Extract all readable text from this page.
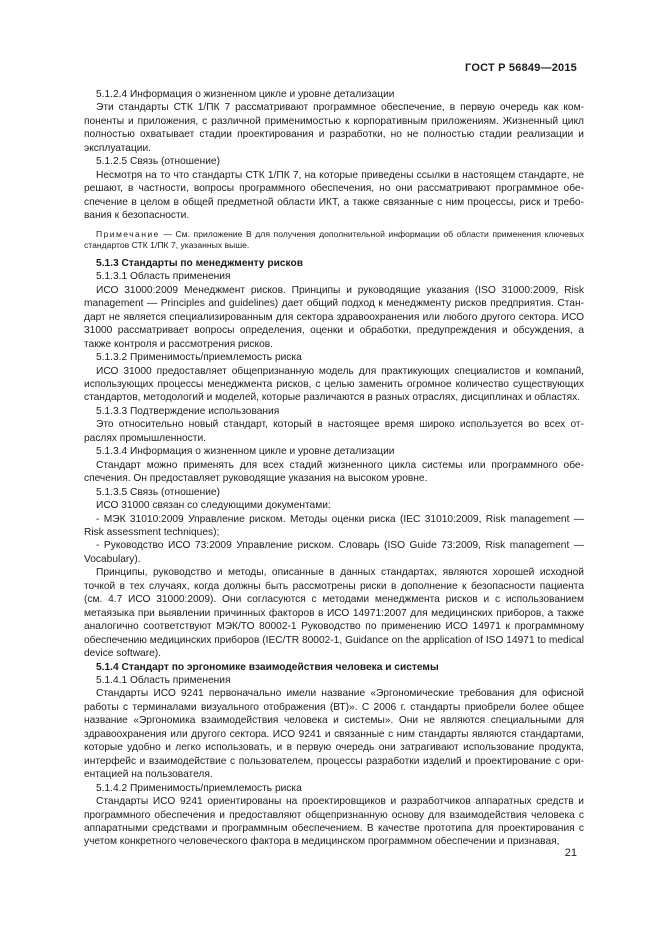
ГОСТ Р 56849—2015

5.1.2.4 Информация о жизненном цикле и уровне детализации

Эти стандарты СТК 1/ПК 7 рассматривают программное обеспечение, в первую очередь как компоненты и приложения, с различной применимостью к корпоративным приложениям. Жизненный цикл полностью охватывает стадии проектирования и разработки, но не полностью стадии реализации и эксплуатации.

5.1.2.5 Связь (отношение)

Несмотря на то что стандарты СТК 1/ПК 7, на которые приведены ссылки в настоящем стандарте, не решают, в частности, вопросы программного обеспечения, но они рассматривают программное обеспечение в целом в общей предметной области ИКТ, а также связанные с ним процессы, риск и требования к безопасности.

Примечание — См. приложение В для получения дополнительной информации об области применения ключевых стандартов СТК 1/ПК 7, указанных выше.

5.1.3 Стандарты по менеджменту рисков

5.1.3.1 Область применения

ИСО 31000:2009 Менеджмент рисков. Принципы и руководящие указания (ISO 31000:2009, Risk management — Principles and guidelines) дает общий подход к менеджменту рисков предприятия. Стандарт не является специализированным для сектора здравоохранения или любого другого сектора. ИСО 31000 рассматривает вопросы определения, оценки и обработки, предупреждения и обсуждения, а также контроля и рассмотрения рисков.

5.1.3.2 Применимость/приемлемость риска

ИСО 31000 предоставляет общепризнанную модель для практикующих специалистов и компаний, использующих процессы менеджмента рисков, с целью заменить огромное количество существующих стандартов, методологий и моделей, которые различаются в разных отраслях, дисциплинах и областях.

5.1.3.3 Подтверждение использования

Это относительно новый стандарт, который в настоящее время широко используется во всех отраслях промышленности.

5.1.3.4 Информация о жизненном цикле и уровне детализации

Стандарт можно применять для всех стадий жизненного цикла системы или программного обеспечения. Он предоставляет руководящие указания на высоком уровне.

5.1.3.5 Связь (отношение)

ИСО 31000 связан со следующими документами:

- МЭК 31010:2009 Управление риском. Методы оценки риска (IEC 31010:2009, Risk management — Risk assessment techniques);

- Руководство ИСО 73:2009 Управление риском. Словарь (ISO Guide 73:2009, Risk management — Vocabulary).

Принципы, руководство и методы, описанные в данных стандартах, являются хорошей исходной точкой в тех случаях, когда должны быть рассмотрены риски в дополнение к безопасности пациента (см. 4.7 ИСО 31000:2009). Они согласуются с методами менеджмента рисков и с использованием метаязыка при выявлении причинных факторов в ИСО 14971:2007 для медицинских приборов, а также аналогично соответствуют МЭК/ТО 80002-1 Руководство по применению ИСО 14971 к программному обеспечению медицинских приборов (IEC/TR 80002-1, Guidance on the application of ISO 14971 to medical device software).

5.1.4 Стандарт по эргономике взаимодействия человека и системы

5.1.4.1 Область применения

Стандарты ИСО 9241 первоначально имели название «Эргономические требования для офисной работы с терминалами визуального отображения (ВТ)». С 2006 г. стандарты приобрели более общее название «Эргономика взаимодействия человека и системы». Они не являются специальными для здравоохранения или другого сектора. ИСО 9241 и связанные с ним стандарты являются стандартами, которые удобно и легко использовать, и в первую очередь они затрагивают использование продукта, интерфейс и взаимодействие с пользователем, процессы разработки изделий и проектирование с ориентацией на пользователя.

5.1.4.2 Применимость/приемлемость риска

Стандарты ИСО 9241 ориентированы на проектировщиков и разработчиков аппаратных средств и программного обеспечения и предоставляют общепризнанную основу для взаимодействия человека с аппаратными средствами и программным обеспечением. В качестве прототипа для проектирования с учетом конкретного человеческого фактора в медицинском программном обеспечении и признавая,

21
